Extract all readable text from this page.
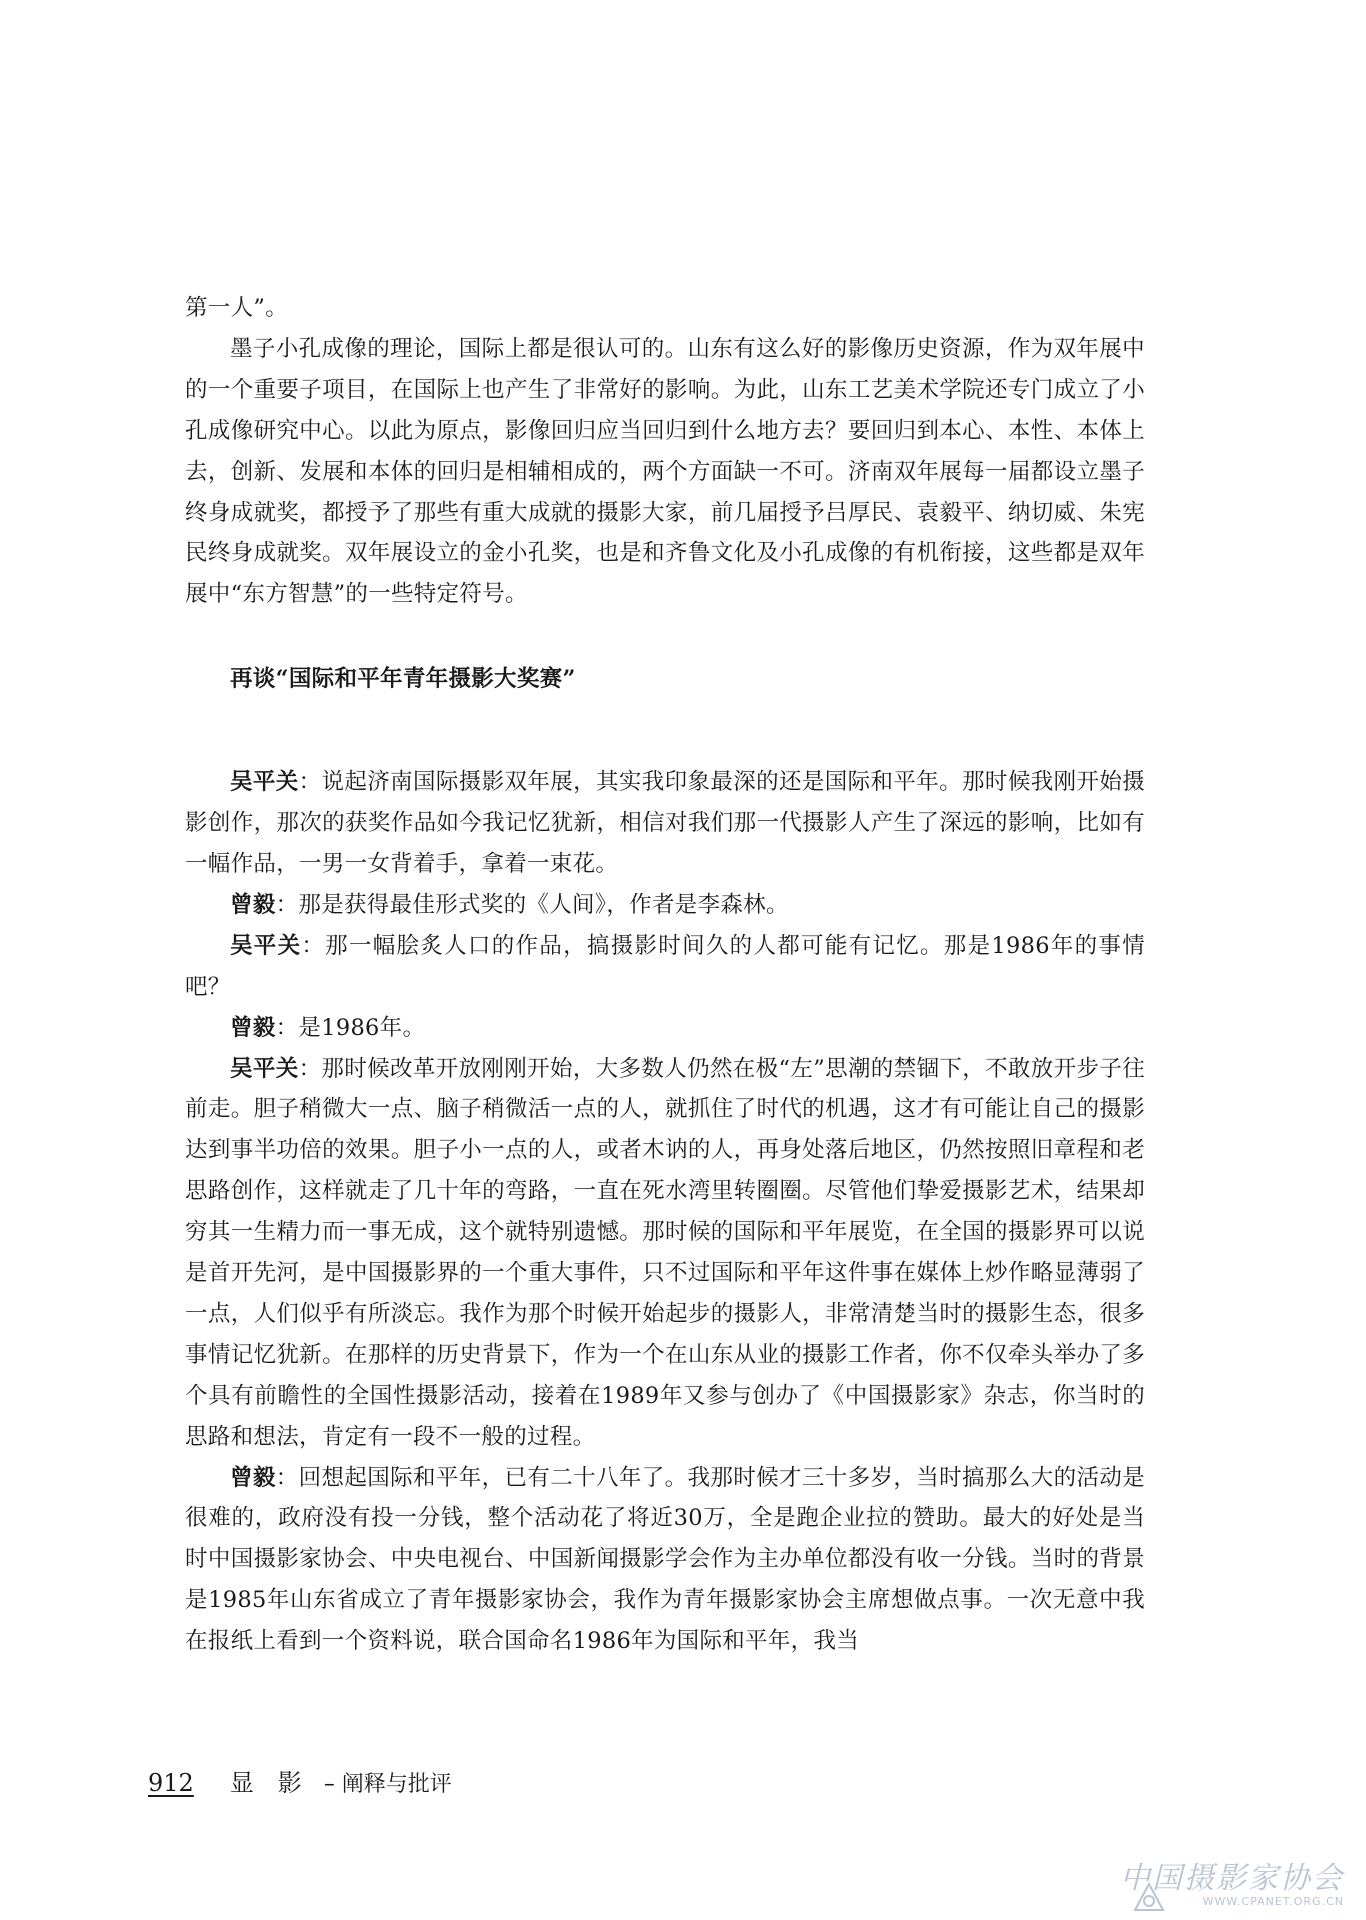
第一人”。

墨子小孔成像的理论，国际上都是很认可的。山东有这么好的影像历史资源，作为双年展中的一个重要子项目，在国际上也产生了非常好的影响。为此，山东工艺美术学院还专门成立了小孔成像研究中心。以此为原点，影像回归应当回归到什么地方去？要回归到本心、本性、本体上去，创新、发展和本体的回归是相辅相成的，两个方面缺一不可。济南双年展每一届都设立墨子终身成就奖，都授予了那些有重大成就的摄影大家，前几届授予吕厚民、袁毅平、纳切威、朱宪民终身成就奖。双年展设立的金小孔奖，也是和齐鲁文化及小孔成像的有机衔接，这些都是双年展中“东方智慧”的一些特定符号。

再谈“国际和平年青年摄影大奖赛”

吴平关：说起济南国际摄影双年展，其实我印象最深的还是国际和平年。那时候我刚开始摄影创作，那次的获奖作品如今我记忆犹新，相信对我们那一代摄影人产生了深远的影响，比如有一幅作品，一男一女背着手，拿着一束花。

曾毅：那是获得最佳形式奖的《人间》，作者是李森林。

吴平关：那一幅脍炙人口的作品，搞摄影时间久的人都可能有记忆。那是1986年的事情吧？

曾毅：是1986年。

吴平关：那时候改革开放刚刚开始，大多数人仍然在极“左”思潮的禁锢下，不敢放开步子往前走。胆子稍微大一点、脑子稍微活一点的人，就抓住了时代的机遇，这才有可能让自己的摄影达到事半功倍的效果。胆子小一点的人，或者木讷的人，再身处落后地区，仍然按照旧章程和老思路创作，这样就走了几十年的弯路，一直在死水湾里转圈圈。尽管他们挚爱摄影艺术，结果却穷其一生精力而一事无成，这个就特别遗憾。那时候的国际和平年展览，在全国的摄影界可以说是首开先河，是中国摄影界的一个重大事件，只不过国际和平年这件事在媒体上炒作略显薄弱了一点，人们似乎有所淡忘。我作为那个时候开始起步的摄影人，非常清楚当时的摄影生态，很多事情记忆犹新。在那样的历史背景下，作为一个在山东从业的摄影工作者，你不仅牵头举办了多个具有前瞻性的全国性摄影活动，接着在1989年又参与创办了《中国摄影家》杂志，你当时的思路和想法，肯定有一段不一般的过程。

曾毅：回想起国际和平年，已有二十八年了。我那时候才三十多岁，当时搞那么大的活动是很难的，政府没有投一分钱，整个活动花了将近30万，全是跑企业拉的赞助。最大的好处是当时中国摄影家协会、中央电视台、中国新闻摄影学会作为主办单位都没有收一分钱。当时的背景是1985年山东省成立了青年摄影家协会，我作为青年摄影家协会主席想做点事。一次无意中我在报纸上看到一个资料说，联合国命名1986年为国际和平年，我当

912 显　影 – 阐释与批评
中国摄影家协会
WWW.CPANET.ORG.CN
